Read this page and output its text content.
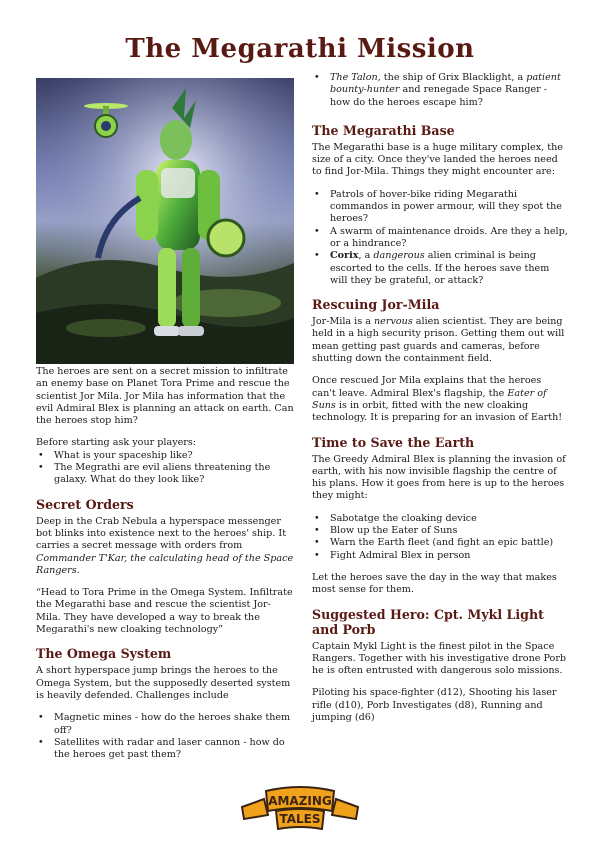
The Megarathi Mission

The heroes are sent on a secret mission to infiltrate an enemy base on Planet Tora Prime and rescue the scientist Jor Mila. Jor Mila has information that the evil Admiral Blex is planning an attack on earth. Can the heroes stop him?

Before starting ask your players:
• What is your spaceship like?
• The Megrathi are evil aliens threatening the galaxy. What do they look like?
Secret Orders

Deep in the Crab Nebula a hyperspace messenger bot blinks into existence next to the heroes' ship. It carries a secret message with orders from Commander T'Kar, the calculating head of the Space Rangers.

“Head to Tora Prime in the Omega System. Infiltrate the Megarathi base and rescue the scientist Jor-Mila. They have developed a way to break the Megarathi's new cloaking technology”

The Omega System

A short hyperspace jump brings the heroes to the Omega System, but the supposedly deserted system is heavily defended. Challenges include

• Magnetic mines - how do the heroes shake them off?
• Satellites with radar and laser cannon - how do the heroes get past them?
• The Talon, the ship of Grix Blacklight, a patient bounty-hunter and renegade Space Ranger - how do the heroes escape him?
The Megarathi Base

The Megarathi base is a huge military complex, the size of a city. Once they've landed the heroes need to find Jor-Mila. Things they might encounter are:

• Patrols of hover-bike riding Megarathi commandos in power armour, will they spot the heroes?
• A swarm of maintenance droids. Are they a help, or a hindrance?
• Corix, a dangerous alien criminal is being escorted to the cells. If the heroes save them will they be grateful, or attack?
Rescuing Jor-Mila

Jor-Mila is a nervous alien scientist. They are being held in a high security prison. Getting them out will mean getting past guards and cameras, before shutting down the containment field.

Once rescued Jor Mila explains that the heroes can't leave. Admiral Blex's flagship, the Eater of Suns is in orbit, fitted with the new cloaking technology. It is preparing for an invasion of Earth!

Time to Save the Earth

The Greedy Admiral Blex is planning the invasion of earth, with his now invisible flagship the centre of his plans. How it goes from here is up to the heroes they might:

• Sabotatge the cloaking device
• Blow up the Eater of Suns
• Warn the Earth fleet (and fight an epic battle)
• Fight Admiral Blex in person

Let the heroes save the day in the way that makes most sense for them.

Suggested Hero: Cpt. Mykl Light and Porb

Captain Mykl Light is the finest pilot in the Space Rangers. Together with his investigative drone Porb he is often entrusted with dangerous solo missions.

Piloting his space-fighter (d12), Shooting his laser rifle (d10), Porb Investigates (d8), Running and jumping (d6)

AMAZING
TALES
